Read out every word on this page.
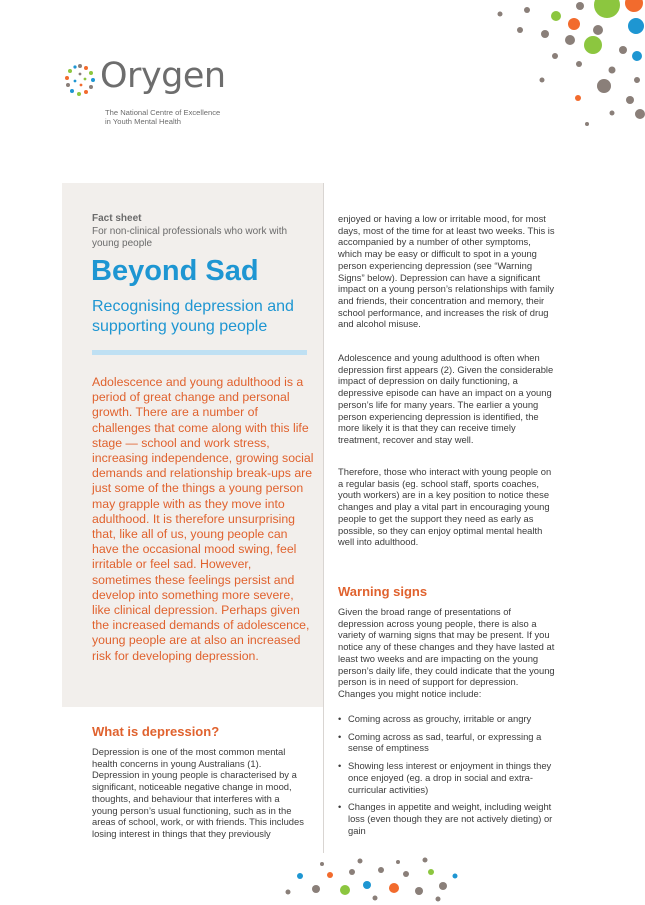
Orygen
The National Centre of Excellence
in Youth Mental Health
Fact sheet
For non-clinical professionals who work with young people
Beyond Sad
Recognising depression and supporting young people

Adolescence and young adulthood is a period of great change and personal growth. There are a number of challenges that come along with this life stage — school and work stress, increasing independence, growing social demands and relationship break-ups are just some of the things a young person may grapple with as they move into adulthood. It is therefore unsurprising that, like all of us, young people can have the occasional mood swing, feel irritable or feel sad. However, sometimes these feelings persist and develop into something more severe, like clinical depression. Perhaps given the increased demands of adolescence, young people are at also an increased risk for developing depression.

What is depression?

Depression is one of the most common mental health concerns in young Australians (1). Depression in young people is characterised by a significant, noticeable negative change in mood, thoughts, and behaviour that interferes with a young person’s usual functioning, such as in the areas of school, work, or with friends. This includes losing interest in things that they previously

enjoyed or having a low or irritable mood, for most days, most of the time for at least two weeks. This is accompanied by a number of other symptoms, which may be easy or difficult to spot in a young person experiencing depression (see “Warning Signs” below). Depression can have a significant impact on a young person’s relationships with family and friends, their concentration and memory, their school performance, and increases the risk of drug and alcohol misuse.

Adolescence and young adulthood is often when depression first appears (2). Given the considerable impact of depression on daily functioning, a depressive episode can have an impact on a young person’s life for many years. The earlier a young person experiencing depression is identified, the more likely it is that they can receive timely treatment, recover and stay well.

Therefore, those who interact with young people on a regular basis (eg. school staff, sports coaches, youth workers) are in a key position to notice these changes and play a vital part in encouraging young people to get the support they need as early as possible, so they can enjoy optimal mental health well into adulthood.

Warning signs

Given the broad range of presentations of depression across young people, there is also a variety of warning signs that may be present. If you notice any of these changes and they have lasted at least two weeks and are impacting on the young person’s daily life, they could indicate that the young person is in need of support for depression. Changes you might notice include:

• Coming across as grouchy, irritable or angry
• Coming across as sad, tearful, or expressing a sense of emptiness
• Showing less interest or enjoyment in things they once enjoyed (eg. a drop in social and extra-curricular activities)
• Changes in appetite and weight, including weight loss (even though they are not actively dieting) or gain
